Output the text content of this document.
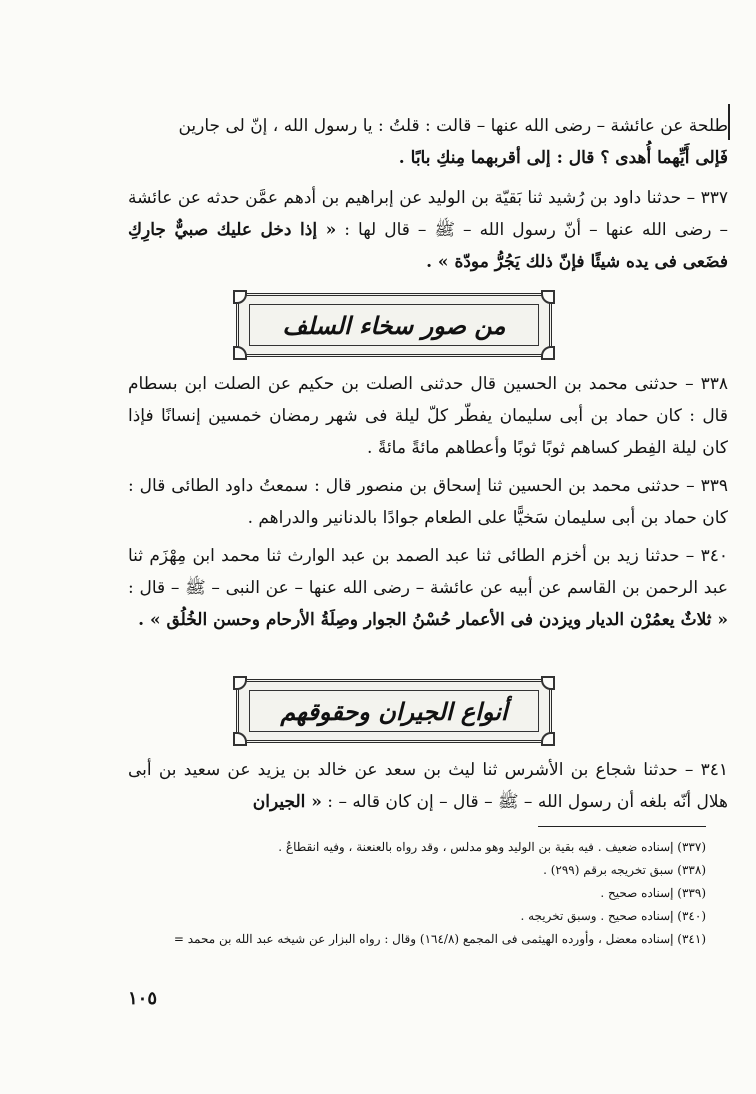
طلحة عن عائشة – رضى الله عنها – قالت : قلتُ : يا رسول الله ، إنّ لى جارين

فَإلى أَيِّهما أُهدى ؟ قال : إلى أقربهما مِنكِ بابًا .

٣٣٧ – حدثنا داود بن رُشيد ثنا بَقيّة بن الوليد عن إبراهيم بن أدهم عمَّن حدثه عن عائشة – رضى الله عنها – أنّ رسول الله – ﷺ – قال لها : « إذا دخل عليك صبيٌّ جارِكِ فضَعى فى يده شيئًا فإنّ ذلك يَجُرُّ مودّة » .

من صور سخاء السلف

٣٣٨ – حدثنى محمد بن الحسين قال حدثنى الصلت بن حكيم عن الصلت ابن بسطام قال : كان حماد بن أبى سليمان يفطّر كلّ ليلة فى شهر رمضان خمسين إنسانًا فإذا كان ليلة الفِطر كساهم ثوبًا ثوبًا وأعطاهم مائةً مائةً .

٣٣٩ – حدثنى محمد بن الحسين ثنا إسحاق بن منصور قال : سمعتُ داود الطائى قال : كان حماد بن أبى سليمان سَخيًّا على الطعام جوادًا بالدنانير والدراهم .

٣٤٠ – حدثنا زيد بن أخزم الطائى ثنا عبد الصمد بن عبد الوارث ثنا محمد ابن مِهْزَم ثنا عبد الرحمن بن القاسم عن أبيه عن عائشة – رضى الله عنها – عن النبى – ﷺ – قال : « ثلاثٌ يعمُرْن الديار ويزدن فى الأعمار حُسْنُ الجوار وصِلَةُ الأرحام وحسن الخُلُق » .

أنواع الجيران وحقوقهم

٣٤١ – حدثنا شجاع بن الأشرس ثنا ليث بن سعد عن خالد بن يزيد عن سعيد بن أبى هلال أنّه بلغه أن رسول الله – ﷺ – قال – إن كان قاله – : « الجيران

(٣٣٧) إسناده ضعيف . فيه بقية بن الوليد وهو مدلس ، وقد رواه بالعنعنة ، وفيه انقطاعٌ .
(٣٣٨) سبق تخريجه برقم (٢٩٩) .
(٣٣٩) إسناده صحيح .
(٣٤٠) إسناده صحيح . وسبق تخريجه .
(٣٤١) إسناده معضل ، وأورده الهيثمى فى المجمع (١٦٤/٨) وقال : رواه البزار عن شيخه عبد الله بن محمد =
١٠٥
